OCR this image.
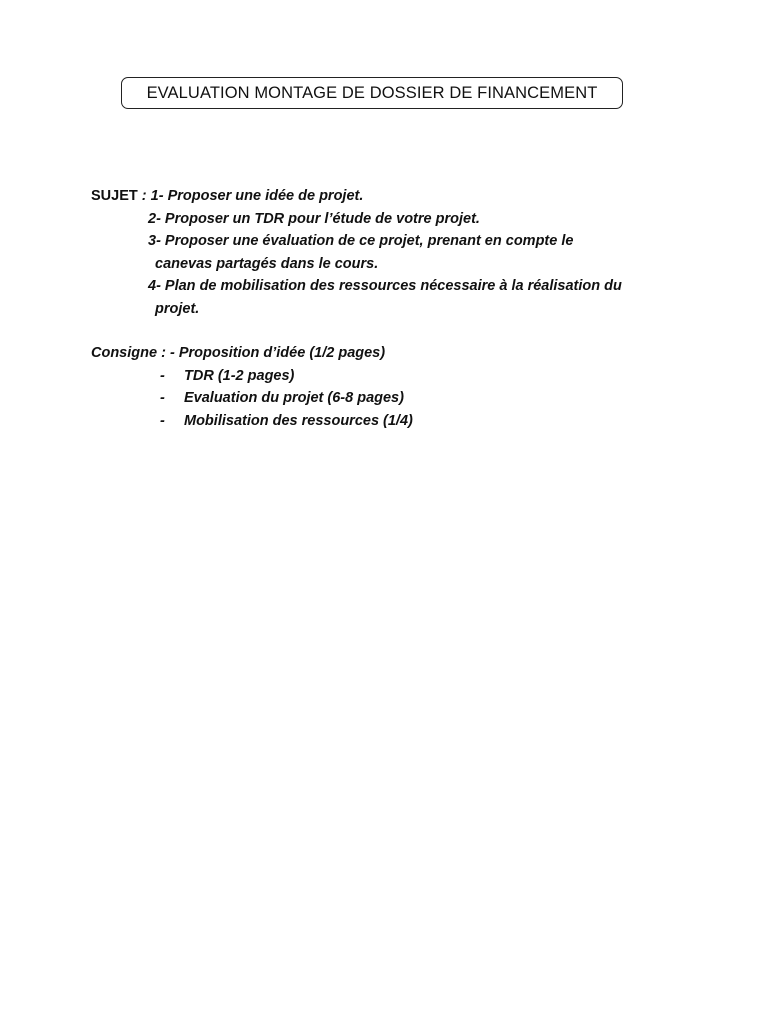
EVALUATION MONTAGE DE DOSSIER DE FINANCEMENT
SUJET : 1- Proposer une idée de projet.
2- Proposer un TDR pour l’étude de votre projet.
3- Proposer une évaluation de ce projet, prenant en compte le
canevas partagés dans le cours.
4- Plan de mobilisation des ressources nécessaire à la réalisation du
projet.
Consigne : - Proposition d’idée (1/2 pages)
- TDR (1-2 pages)
- Evaluation du projet (6-8 pages)
- Mobilisation des ressources (1/4)
